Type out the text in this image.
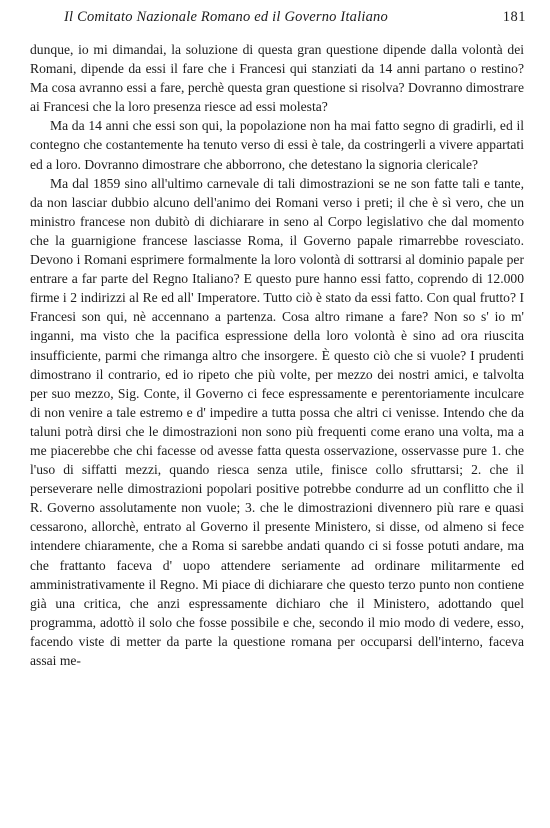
Il Comitato Nazionale Romano ed il Governo Italiano	181

dunque, io mi dimandai, la soluzione di questa gran questione dipende dalla volontà dei Romani, dipende da essi il fare che i Francesi qui stanziati da 14 anni partano o restino? Ma cosa avranno essi a fare, perchè questa gran questione si risolva? Dovranno dimostrare ai Francesi che la loro presenza riesce ad essi molesta?

Ma da 14 anni che essi son qui, la popolazione non ha mai fatto segno di gradirli, ed il contegno che costantemente ha tenuto verso di essi è tale, da costringerli a vivere appartati ed a loro. Dovranno dimostrare che abborrono, che detestano la signoria clericale?

Ma dal 1859 sino all'ultimo carnevale di tali dimostrazioni se ne son fatte tali e tante, da non lasciar dubbio alcuno dell'animo dei Romani verso i preti; il che è sì vero, che un ministro francese non dubitò di dichiarare in seno al Corpo legislativo che dal momento che la guarnigione francese lasciasse Roma, il Governo papale rimarrebbe rovesciato. Devono i Romani esprimere formalmente la loro volontà di sottrarsi al dominio papale per entrare a far parte del Regno Italiano? E questo pure hanno essi fatto, coprendo di 12.000 firme i 2 indirizzi al Re ed all' Imperatore. Tutto ciò è stato da essi fatto. Con qual frutto? I Francesi son qui, nè accennano a partenza. Cosa altro rimane a fare? Non so s' io m' inganni, ma visto che la pacifica espressione della loro volontà è sino ad ora riuscita insufficiente, parmi che rimanga altro che insorgere. È questo ciò che si vuole? I prudenti dimostrano il contrario, ed io ripeto che più volte, per mezzo dei nostri amici, e talvolta per suo mezzo, Sig. Conte, il Governo ci fece espressamente e perentoriamente inculcare di non venire a tale estremo e d' impedire a tutta possa che altri ci venisse. Intendo che da taluni potrà dirsi che le dimostrazioni non sono più frequenti come erano una volta, ma a me piacerebbe che chi facesse od avesse fatta questa osservazione, osservasse pure 1. che l'uso di siffatti mezzi, quando riesca senza utile, finisce collo sfruttarsi; 2. che il perseverare nelle dimostrazioni popolari positive potrebbe condurre ad un conflitto che il R. Governo assolutamente non vuole; 3. che le dimostrazioni divennero più rare e quasi cessarono, allorchè, entrato al Governo il presente Ministero, si disse, od almeno si fece intendere chiaramente, che a Roma si sarebbe andati quando ci si fosse potuti andare, ma che frattanto faceva d' uopo attendere seriamente ad ordinare militarmente ed amministrativamente il Regno. Mi piace di dichiarare che questo terzo punto non contiene già una critica, che anzi espressamente dichiaro che il Ministero, adottando quel programma, adottò il solo che fosse possibile e che, secondo il mio modo di vedere, esso, facendo viste di metter da parte la questione romana per occuparsi dell'interno, faceva assai me-
